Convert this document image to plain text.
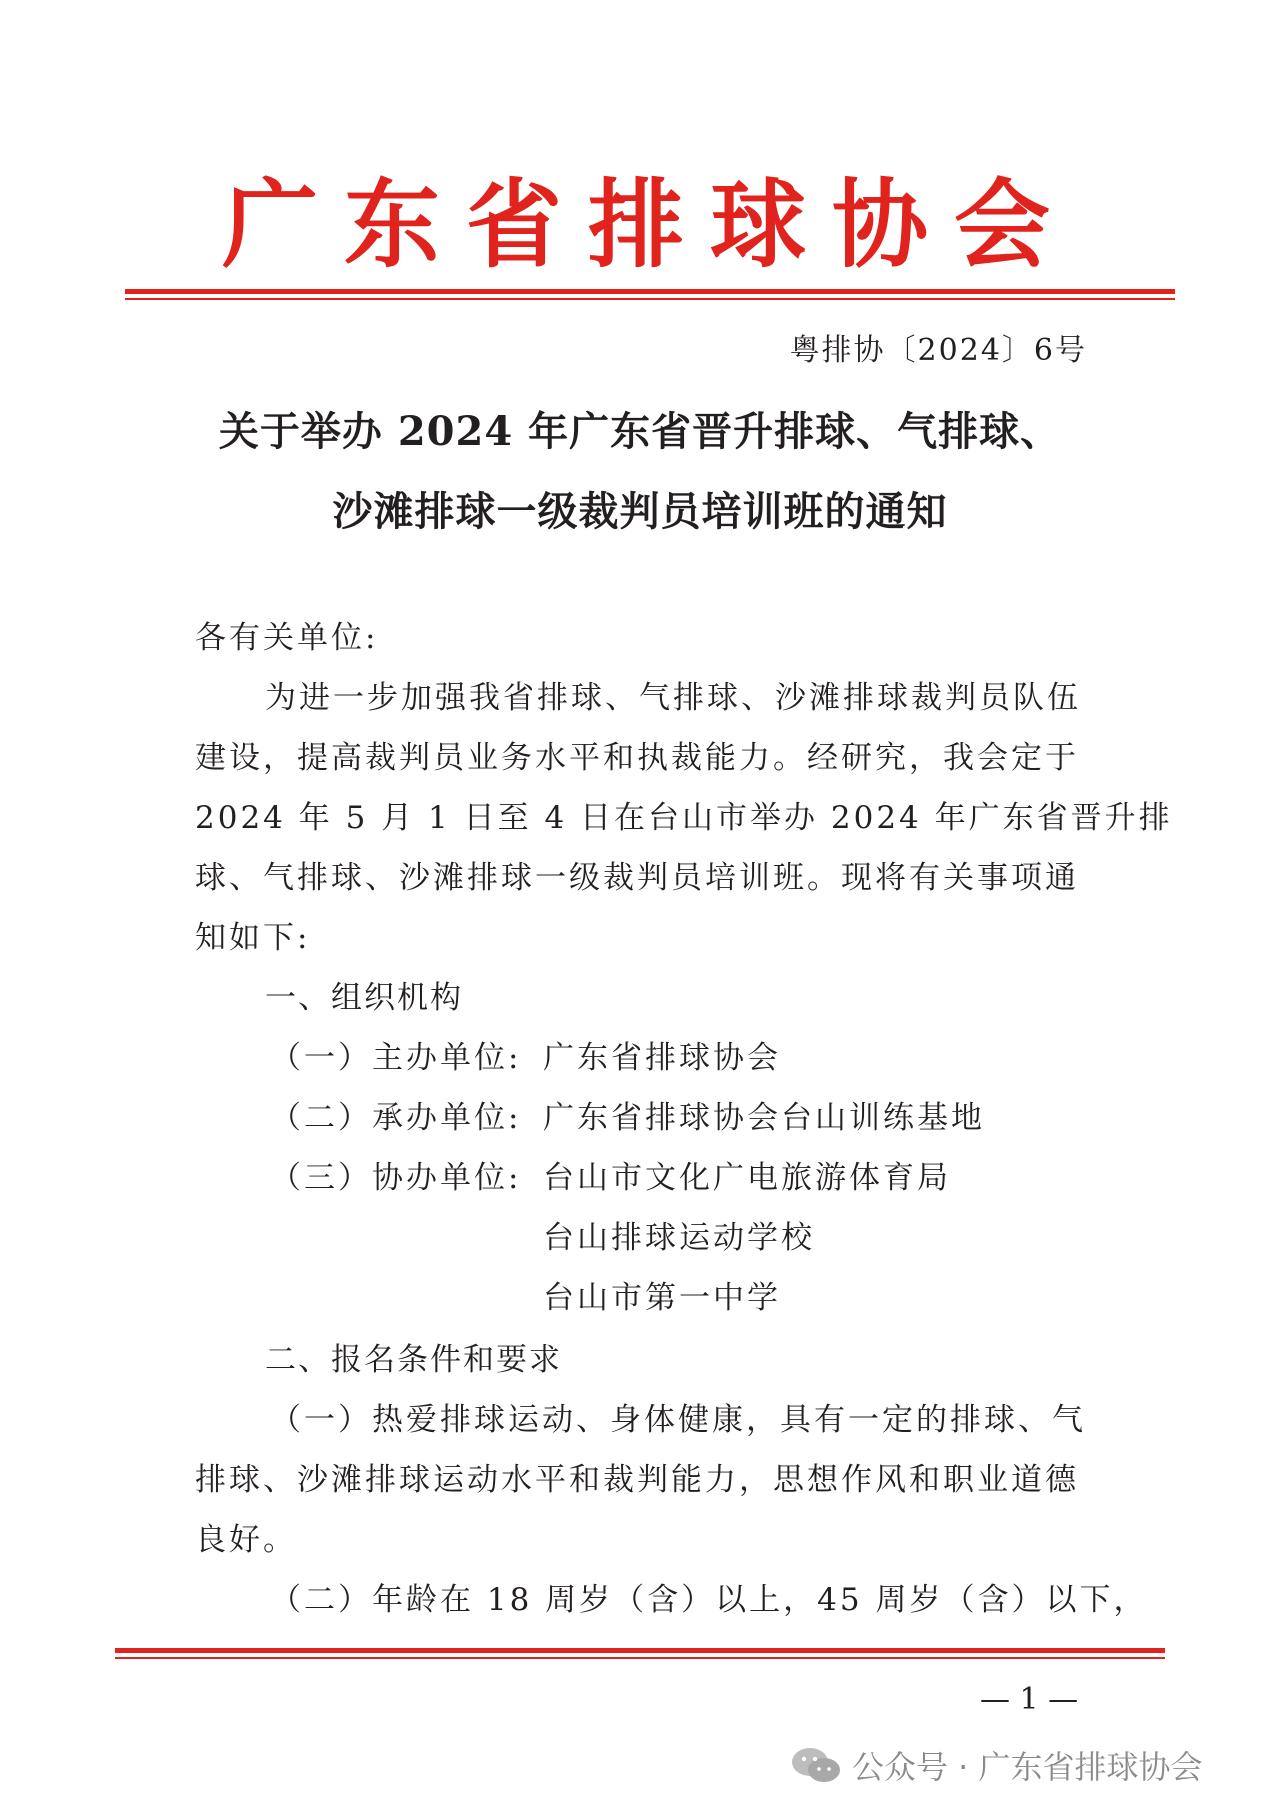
广 东 省 排 球 协 会
粤排协〔2024〕6号
关于举办 2024 年广东省晋升排球、气排球、
沙滩排球一级裁判员培训班的通知
各有关单位:
为进一步加强我省排球、气排球、沙滩排球裁判员队伍
建设，提高裁判员业务水平和执裁能力。经研究，我会定于
2024 年 5 月 1 日至 4 日在台山市举办 2024 年广东省晋升排
球、气排球、沙滩排球一级裁判员培训班。现将有关事项通
知如下:
一、组织机构
（一）主办单位: 广东省排球协会
（二）承办单位: 广东省排球协会台山训练基地
（三）协办单位: 台山市文化广电旅游体育局
台山排球运动学校
台山市第一中学
二、报名条件和要求
（一）热爱排球运动、身体健康，具有一定的排球、气
排球、沙滩排球运动水平和裁判能力，思想作风和职业道德
良好。
（二）年龄在 18 周岁（含）以上，45 周岁（含）以下，
— 1 —
公众号 · 广东省排球协会
